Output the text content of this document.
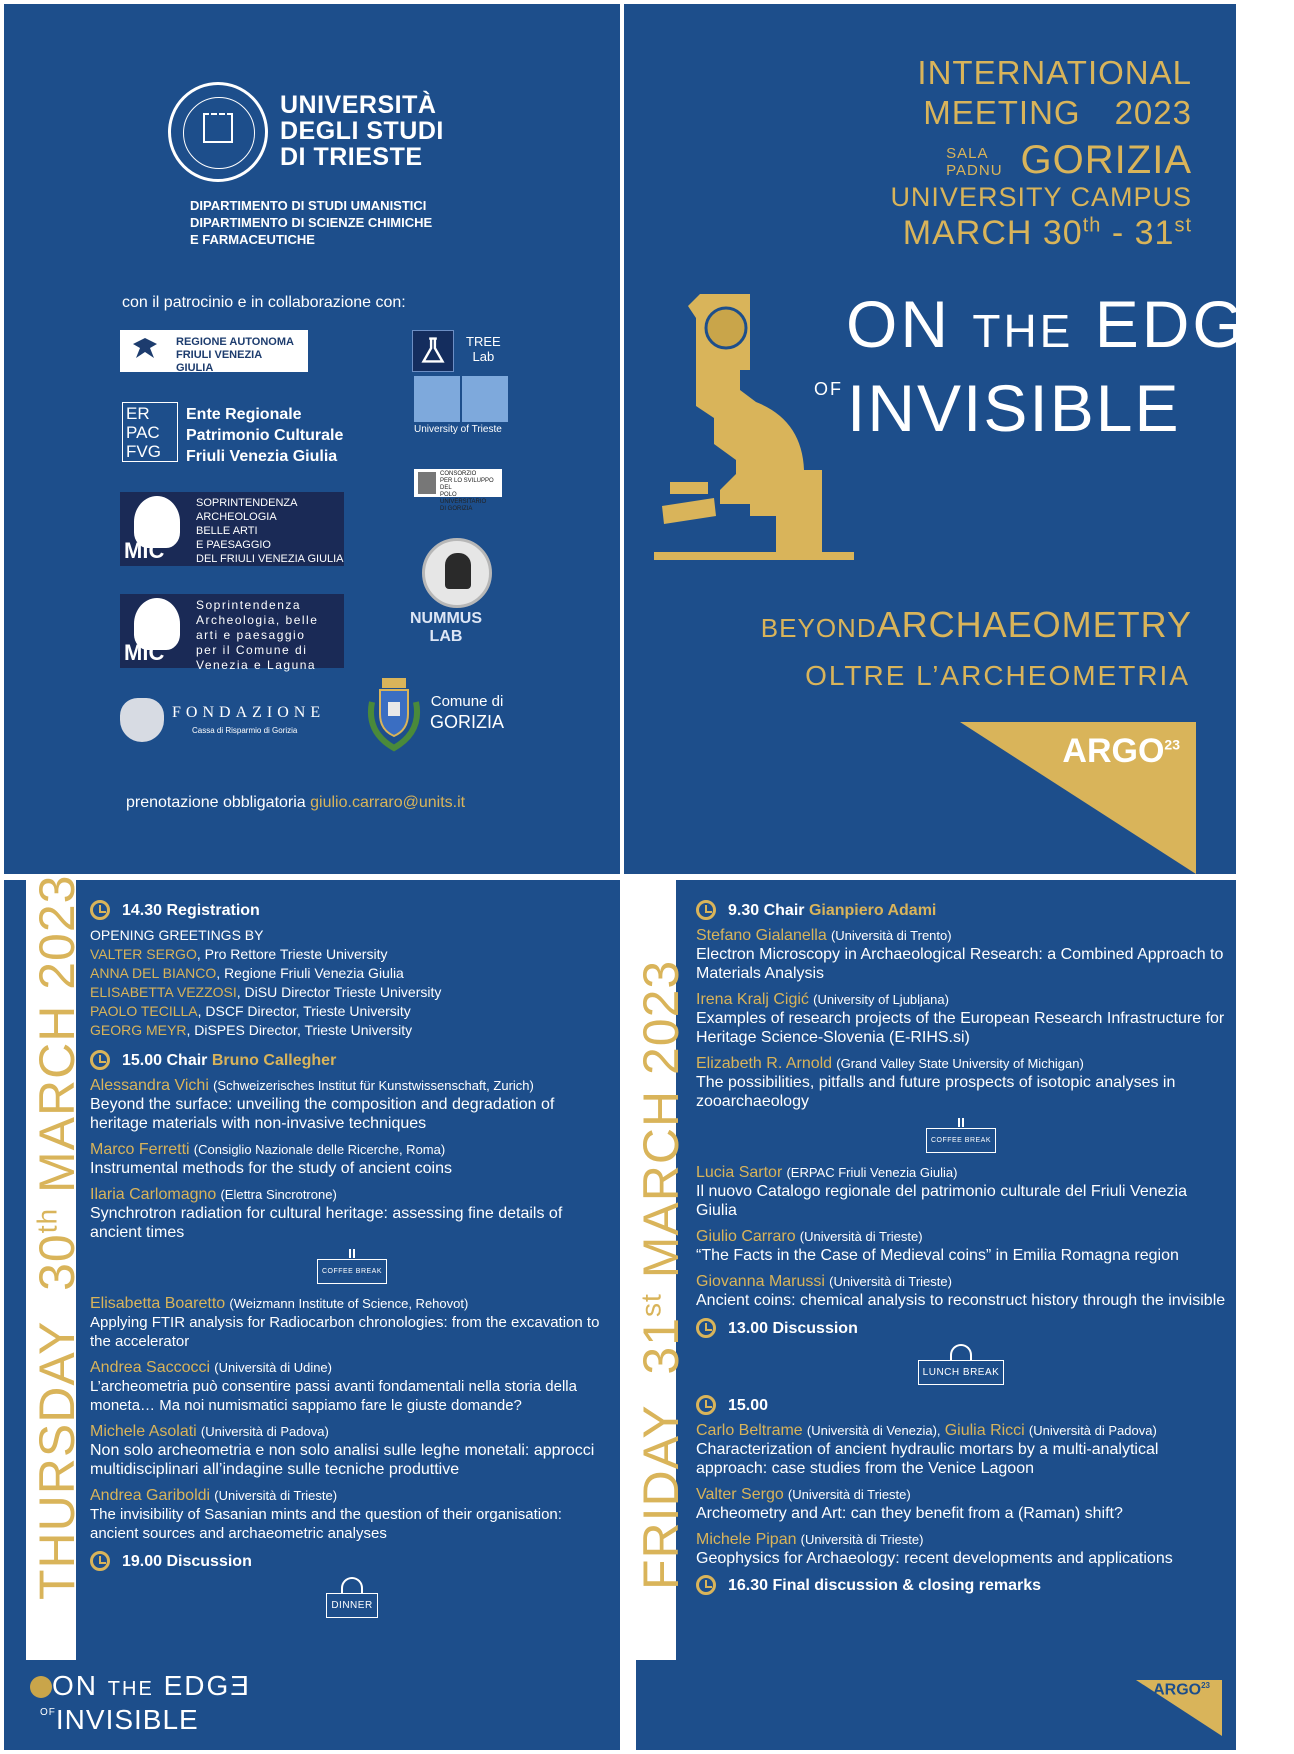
UNIVERSITÀ
DEGLI STUDI
DI TRIESTE
DIPARTIMENTO DI STUDI UMANISTICI
DIPARTIMENTO DI SCIENZE CHIMICHE
E FARMACEUTICHE
con il patrocinio e in collaborazione con:
REGIONE AUTONOMA
FRIULI VENEZIA GIULIA
ER
PAC
FVG
Ente Regionale
Patrimonio Culturale
Friuli Venezia Giulia
MiC
SOPRINTENDENZA
ARCHEOLOGIA
BELLE ARTI
E PAESAGGIO
DEL FRIULI VENEZIA GIULIA
MiC
Soprintendenza
Archeologia, belle
arti e paesaggio
per il Comune di
Venezia e Laguna
TREE
Lab
University of Trieste
CONSORZIO
PER LO SVILUPPO DEL
POLO UNIVERSITARIO
DI GORIZIA
NUMMUS
LAB
FONDAZIONE
Cassa di Risparmio di Gorizia
Comune di
GORIZIA
prenotazione obbligatoria giulio.carraro@units.it
INTERNATIONAL
MEETING 2023
SALA
PADNU GORIZIA
UNIVERSITY CAMPUS
MARCH 30th - 31st
ON THE EDGƎ
$^{OF}$INVISIBLE
BEYONDARCHAEOMETRY
OLTRE L’ARCHEOMETRIA
ARGO$^{23}$
THURSDAY  30th MARCH 2023 14.30 Registration
OPENING GREETINGS BY
VALTER SERGO, Pro Rettore Trieste University
ANNA DEL BIANCO, Regione Friuli Venezia Giulia
ELISABETTA VEZZOSI, DiSU Director Trieste University
PAOLO TECILLA, DSCF Director, Trieste University
GEORG MEYR, DiSPES Director, Trieste University
15.00 Chair
Bruno Callegher
Alessandra Vichi (Schweizerisches Institut für Kunstwissenschaft, Zurich)
Beyond the surface: unveiling the composition and degradation of heritage materials with non-invasive techniques
Marco Ferretti (Consiglio Nazionale delle Ricerche, Roma)
Instrumental methods for the study of ancient coins
Ilaria Carlomagno (Elettra Sincrotrone)
Synchrotron radiation for cultural heritage: assessing fine details of ancient times
COFFEE BREAK
Elisabetta Boaretto (Weizmann Institute of Science, Rehovot)
Applying FTIR analysis for Radiocarbon chronologies: from the excavation to the accelerator
Andrea Saccocci (Università di Udine)
L’archeometria può consentire passi avanti fondamentali nella storia della moneta… Ma noi numismatici sappiamo fare le giuste domande?
Michele Asolati (Università di Padova)
Non solo archeometria e non solo analisi sulle leghe monetali: approcci multidisciplinari all’indagine sulle tecniche produttive
Andrea Gariboldi (Università di Trieste)
The invisibility of Sasanian mints and the question of their organisation: ancient sources and archaeometric analyses
19.00 Discussion
DINNER
ON THE EDGƎ
$^{OF}$INVISIBLE
FRIDAY  31st MARCH 2023
9.30 Chair
Gianpiero Adami
Stefano Gialanella (Università di Trento)
Electron Microscopy in Archaeological Research: a Combined Approach to Materials Analysis
Irena Kralj Cigić (University of Ljubljana)
Examples of research projects of the European Research Infrastructure for Heritage Science-Slovenia (E-RIHS.si)
Elizabeth R. Arnold (Grand Valley State University of Michigan)
The possibilities, pitfalls and future prospects of isotopic analyses in zooarchaeology
COFFEE BREAK
Lucia Sartor (ERPAC Friuli Venezia Giulia)
Il nuovo Catalogo regionale del patrimonio culturale del Friuli Venezia Giulia
Giulio Carraro (Università di Trieste)
“The Facts in the Case of Medieval coins” in Emilia Romagna region
Giovanna Marussi (Università di Trieste)
Ancient coins: chemical analysis to reconstruct history through the invisible
13.00 Discussion
LUNCH BREAK
15.00
Carlo Beltrame (Università di Venezia), Giulia Ricci (Università di Padova)
Characterization of ancient hydraulic mortars by a multi-analytical approach: case studies from the Venice Lagoon
Valter Sergo (Università di Trieste)
Archeometry and Art: can they benefit from a (Raman) shift?
Michele Pipan (Università di Trieste)
Geophysics for Archaeology: recent developments and applications
16.30 Final discussion & closing remarks
ARGO$^{23}$
